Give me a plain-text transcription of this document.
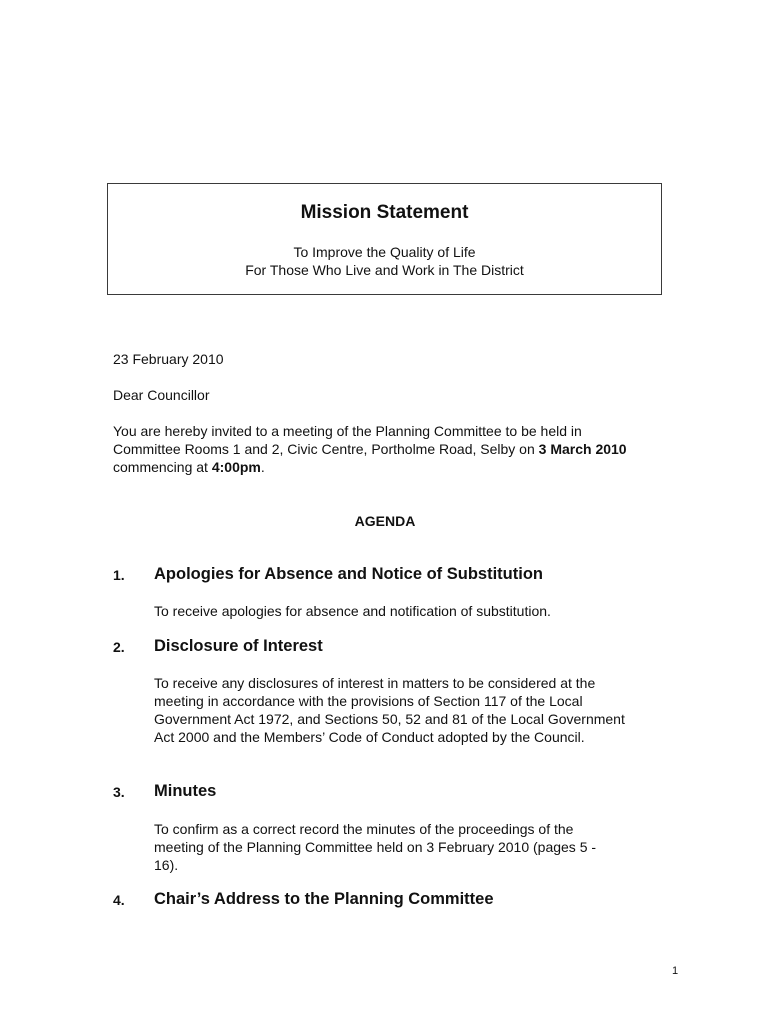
Mission Statement

To Improve the Quality of Life

For Those Who Live and Work in The District

23 February 2010

Dear Councillor

You are hereby invited to a meeting of the Planning Committee to be held in Committee Rooms 1 and 2, Civic Centre, Portholme Road, Selby on 3 March 2010 commencing at 4:00pm.

AGENDA

1. Apologies for Absence and Notice of Substitution

To receive apologies for absence and notification of substitution.

2. Disclosure of Interest

To receive any disclosures of interest in matters to be considered at the meeting in accordance with the provisions of Section 117 of the Local Government Act 1972, and Sections 50, 52 and 81 of the Local Government Act 2000 and the Members’ Code of Conduct adopted by the Council.

3. Minutes

To confirm as a correct record the minutes of the proceedings of the meeting of the Planning Committee held on 3 February 2010 (pages 5 - 16).

4. Chair’s Address to the Planning Committee

1
